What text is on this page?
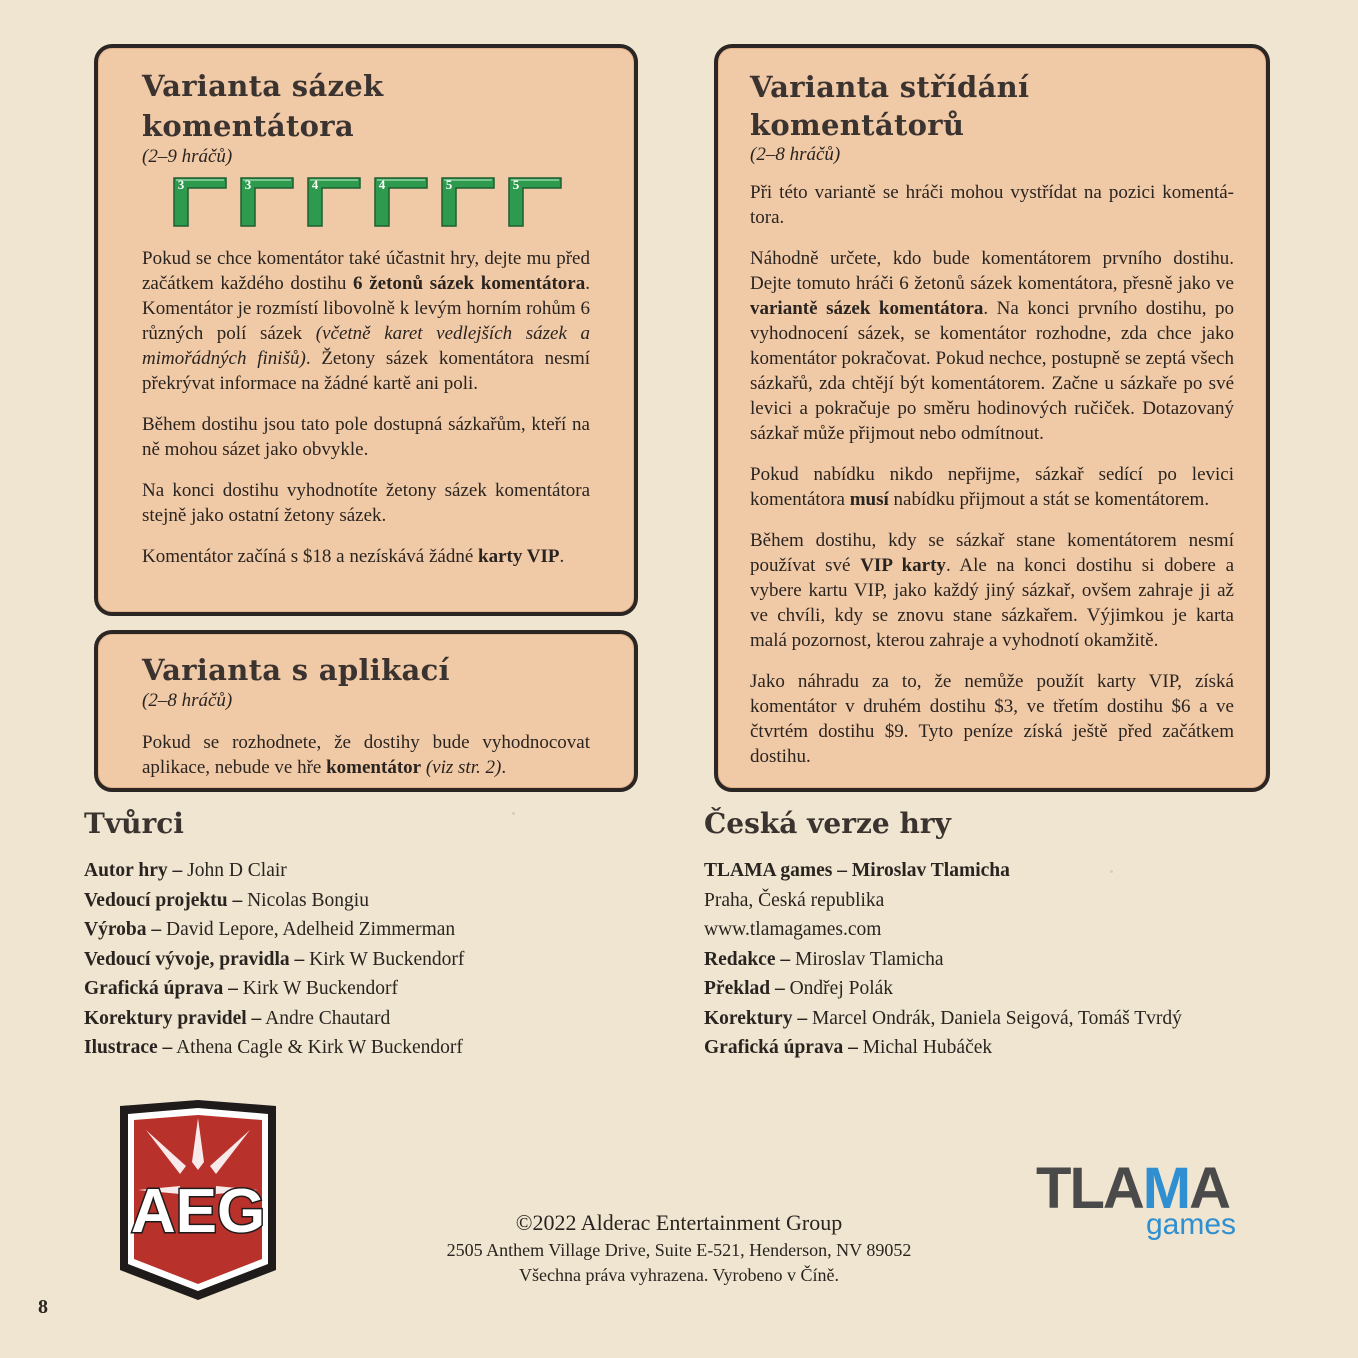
Varianta sázek
komentátora
(2–9 hráčů)
3	3	4	4	5	5

Pokud se chce komentátor také účastnit hry, dejte mu před začátkem každého dostihu 6 žetonů sázek komentátora. Komentátor je rozmístí libovolně k levým horním rohům 6 různých polí sázek (včetně karet vedlejších sázek a mimořádných finišů). Žetony sázek komentátora nesmí překrývat informace na žádné kartě ani poli.

Během dostihu jsou tato pole dostupná sázkařům, kteří na ně mohou sázet jako obvykle.

Na konci dostihu vyhodnotíte žetony sázek komentátora stejně jako ostatní žetony sázek.

Komentátor začíná s $18 a nezískává žádné karty VIP.

Varianta s aplikací
(2–8 hráčů)

Pokud se rozhodnete, že dostihy bude vyhodnocovat aplikace, nebude ve hře komentátor (viz str. 2).

Varianta střídání
komentátorů
(2–8 hráčů)

Při této variantě se hráči mohou vystřídat na pozici komentátora.

Náhodně určete, kdo bude komentátorem prvního dostihu. Dejte tomuto hráči 6 žetonů sázek komentátora, přesně jako ve variantě sázek komentátora. Na konci prvního dostihu, po vyhodnocení sázek, se komentátor rozhodne, zda chce jako komentátor pokračovat. Pokud nechce, postupně se zeptá všech sázkařů, zda chtějí být komentátorem. Začne u sázkaře po své levici a pokračuje po směru hodinových ručiček. Dotazovaný sázkař může přijmout nebo odmítnout.

Pokud nabídku nikdo nepřijme, sázkař sedící po levici komentátora musí nabídku přijmout a stát se komentátorem.

Během dostihu, kdy se sázkař stane komentátorem nesmí používat své VIP karty. Ale na konci dostihu si dobere a vybere kartu VIP, jako každý jiný sázkař, ovšem zahraje ji až ve chvíli, kdy se znovu stane sázkařem. Výjimkou je karta malá pozornost, kterou zahraje a vyhodnotí okamžitě.

Jako náhradu za to, že nemůže použít karty VIP, získá komentátor v druhém dostihu $3, ve třetím dostihu $6 a ve čtvrtém dostihu $9. Tyto peníze získá ještě před začátkem dostihu.

Tvůrci
Autor hry – John D Clair
Vedoucí projektu – Nicolas Bongiu
Výroba – David Lepore, Adelheid Zimmerman
Vedoucí vývoje, pravidla – Kirk W Buckendorf
Grafická úprava – Kirk W Buckendorf
Korektury pravidel – Andre Chautard
Ilustrace – Athena Cagle & Kirk W Buckendorf
Česká verze hry
TLAMA games – Miroslav Tlamicha
Praha, Česká republika
www.tlamagames.com
Redakce – Miroslav Tlamicha
Překlad – Ondřej Polák
Korektury – Marcel Ondrák, Daniela Seigová, Tomáš Tvrdý
Grafická úprava – Michal Hubáček
AEG	TLAMA
games
©2022 Alderac Entertainment Group
2505 Anthem Village Drive, Suite E-521, Henderson, NV 89052
Všechna práva vyhrazena. Vyrobeno v Číně.
8
